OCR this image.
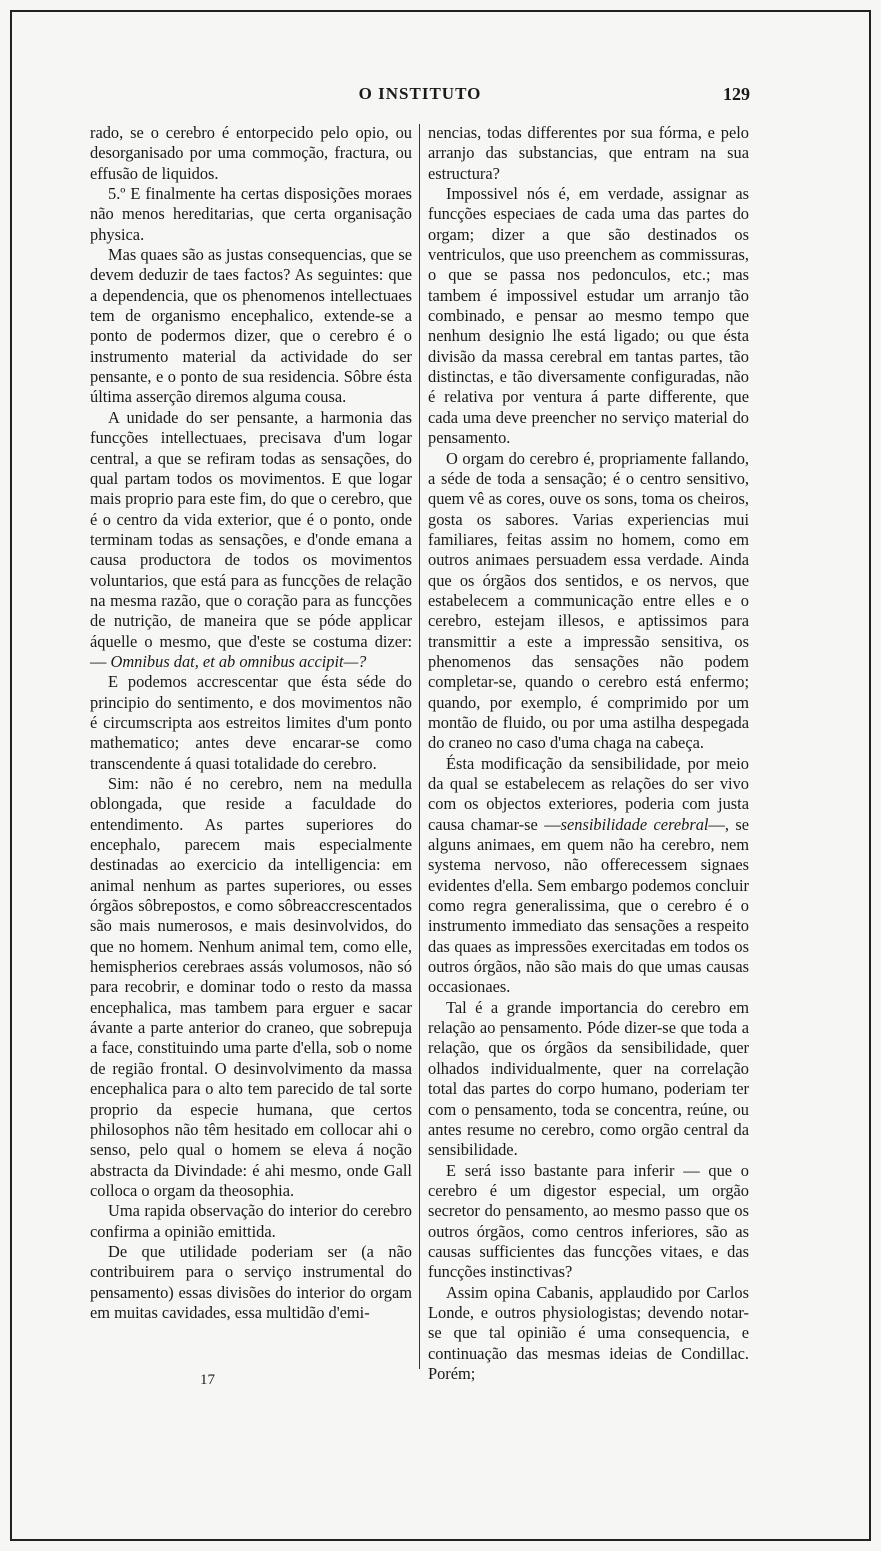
O INSTITUTO	129

rado, se o cerebro é entorpecido pelo opio, ou desorganisado por uma commoção, fractura, ou effusão de liquidos.

5.º E finalmente ha certas disposições moraes não menos hereditarias, que certa organisação physica.

Mas quaes são as justas consequencias, que se devem deduzir de taes factos? As seguintes: que a dependencia, que os phenomenos intellectuaes tem de organismo encephalico, extende-se a ponto de podermos dizer, que o cerebro é o instrumento material da actividade do ser pensante, e o ponto de sua residencia. Sôbre ésta última asserção diremos alguma cousa.

A unidade do ser pensante, a harmonia das funcções intellectuaes, precisava d'um logar central, a que se refiram todas as sensações, do qual partam todos os movimentos. E que logar mais proprio para este fim, do que o cerebro, que é o centro da vida exterior, que é o ponto, onde terminam todas as sensações, e d'onde emana a causa productora de todos os movimentos voluntarios, que está para as funcções de relação na mesma razão, que o coração para as funcções de nutrição, de maneira que se póde applicar áquelle o mesmo, que d'este se costuma dizer: — Omnibus dat, et ab omnibus accipit—?

E podemos accrescentar que ésta séde do principio do sentimento, e dos movimentos não é circumscripta aos estreitos limites d'um ponto mathematico; antes deve encarar-se como transcendente á quasi totalidade do cerebro.

Sim: não é no cerebro, nem na medulla oblongada, que reside a faculdade do entendimento. As partes superiores do encephalo, parecem mais especialmente destinadas ao exercicio da intelligencia: em animal nenhum as partes superiores, ou esses órgãos sôbrepostos, e como sôbreaccrescentados são mais numerosos, e mais desinvolvidos, do que no homem. Nenhum animal tem, como elle, hemispherios cerebraes assás volumosos, não só para recobrir, e dominar todo o resto da massa encephalica, mas tambem para erguer e sacar ávante a parte anterior do craneo, que sobrepuja a face, constituindo uma parte d'ella, sob o nome de região frontal. O desinvolvimento da massa encephalica para o alto tem parecido de tal sorte proprio da especie humana, que certos philosophos não têm hesitado em collocar ahi o senso, pelo qual o homem se eleva á noção abstracta da Divindade: é ahi mesmo, onde Gall colloca o orgam da theosophia.

Uma rapida observação do interior do cerebro confirma a opinião emittida.

De que utilidade poderiam ser (a não contribuirem para o serviço instrumental do pensamento) essas divisões do interior do orgam em muitas cavidades, essa multidão d'emi-

nencias, todas differentes por sua fórma, e pelo arranjo das substancias, que entram na sua estructura?

Impossivel nós é, em verdade, assignar as funcções especiaes de cada uma das partes do orgam; dizer a que são destinados os ventriculos, que uso preenchem as commissuras, o que se passa nos pedonculos, etc.; mas tambem é impossivel estudar um arranjo tão combinado, e pensar ao mesmo tempo que nenhum designio lhe está ligado; ou que ésta divisão da massa cerebral em tantas partes, tão distinctas, e tão diversamente configuradas, não é relativa por ventura á parte differente, que cada uma deve preencher no serviço material do pensamento.

O orgam do cerebro é, propriamente fallando, a séde de toda a sensação; é o centro sensitivo, quem vê as cores, ouve os sons, toma os cheiros, gosta os sabores. Varias experiencias mui familiares, feitas assim no homem, como em outros animaes persuadem essa verdade. Ainda que os órgãos dos sentidos, e os nervos, que estabelecem a communicação entre elles e o cerebro, estejam illesos, e aptissimos para transmittir a este a impressão sensitiva, os phenomenos das sensações não podem completar-se, quando o cerebro está enfermo; quando, por exemplo, é comprimido por um montão de fluido, ou por uma astilha despegada do craneo no caso d'uma chaga na cabeça.

Ésta modificação da sensibilidade, por meio da qual se estabelecem as relações do ser vivo com os objectos exteriores, poderia com justa causa chamar-se —sensibilidade cerebral—, se alguns animaes, em quem não ha cerebro, nem systema nervoso, não offerecessem signaes evidentes d'ella. Sem embargo podemos concluir como regra generalissima, que o cerebro é o instrumento immediato das sensações a respeito das quaes as impressões exercitadas em todos os outros órgãos, não são mais do que umas causas occasionaes.

Tal é a grande importancia do cerebro em relação ao pensamento. Póde dizer-se que toda a relação, que os órgãos da sensibilidade, quer olhados individualmente, quer na correlação total das partes do corpo humano, poderiam ter com o pensamento, toda se concentra, reúne, ou antes resume no cerebro, como orgão central da sensibilidade.

E será isso bastante para inferir — que o cerebro é um digestor especial, um orgão secretor do pensamento, ao mesmo passo que os outros órgãos, como centros inferiores, são as causas sufficientes das funcções vitaes, e das funcções instinctivas?

Assim opina Cabanis, applaudido por Carlos Londe, e outros physiologistas; devendo notar-se que tal opinião é uma consequencia, e continuação das mesmas ideias de Condillac. Porém;

17
